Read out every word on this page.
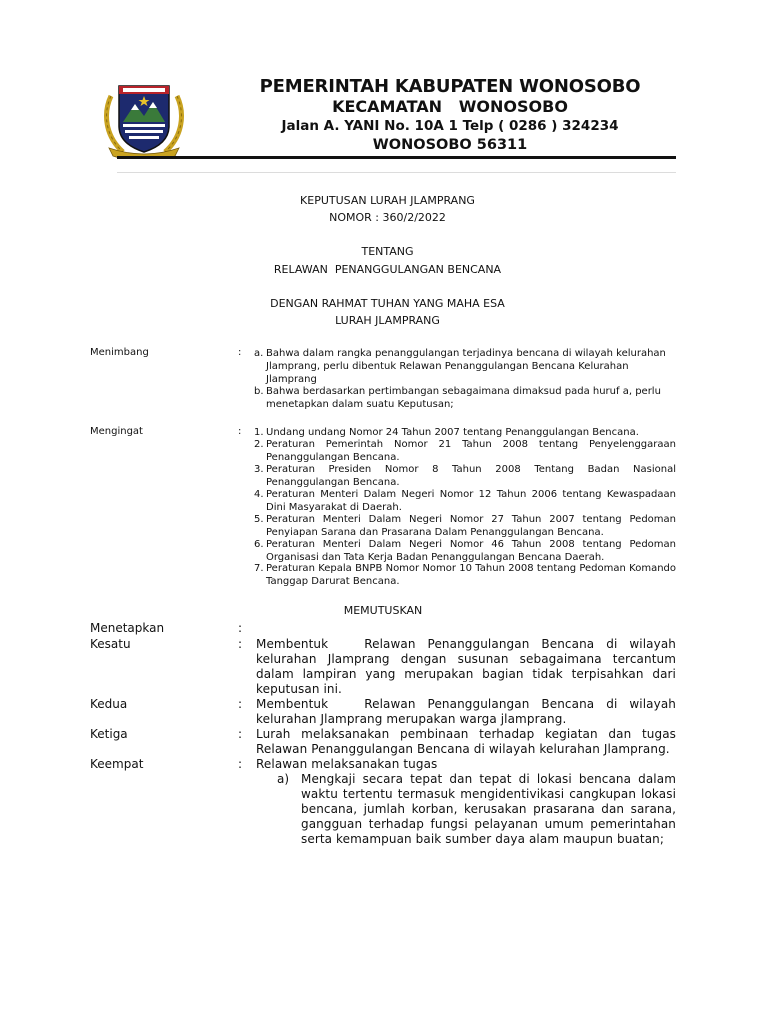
PEMERINTAH KABUPATEN WONOSOBO
KECAMATAN   WONOSOBO
Jalan A. YANI No. 10A 1 Telp ( 0286 ) 324234
WONOSOBO 56311
KEPUTUSAN LURAH JLAMPRANG
NOMOR : 360/2/2022
TENTANG
RELAWAN  PENANGGULANGAN BENCANA
DENGAN RAHMAT TUHAN YANG MAHA ESA
LURAH JLAMPRANG
Menimbang	: a. Bahwa dalam rangka penanggulangan terjadinya bencana di wilayah kelurahan Jlamprang, perlu dibentuk Relawan Penanggulangan Bencana Kelurahan Jlamprang
b. Bahwa berdasarkan pertimbangan sebagaimana dimaksud pada huruf a, perlu menetapkan dalam suatu Keputusan;
Mengingat	: 1. Undang undang Nomor 24 Tahun 2007 tentang Penanggulangan Bencana.
2. Peraturan Pemerintah Nomor 21 Tahun 2008 tentang Penyelenggaraan Penanggulangan Bencana.
3. Peraturan Presiden Nomor 8 Tahun 2008 Tentang Badan Nasional Penanggulangan Bencana.
4. Peraturan Menteri Dalam Negeri Nomor 12 Tahun 2006 tentang Kewaspadaan Dini Masyarakat di Daerah.
5. Peraturan Menteri Dalam Negeri Nomor 27 Tahun 2007 tentang Pedoman Penyiapan Sarana dan Prasarana Dalam Penanggulangan Bencana.
6. Peraturan Menteri Dalam Negeri Nomor 46 Tahun 2008 tentang Pedoman Organisasi dan Tata Kerja Badan Penanggulangan Bencana Daerah.
7. Peraturan Kepala BNPB Nomor Nomor 10 Tahun 2008 tentang Pedoman Komando Tanggap Darurat Bencana.
MEMUTUSKAN
Menetapkan	:
Kesatu	: Membentuk   Relawan Penanggulangan Bencana di wilayah
kelurahan Jlamprang dengan susunan sebagaimana tercantum
dalam lampiran yang merupakan bagian tidak terpisahkan dari
keputusan ini.
Kedua	: Membentuk   Relawan Penanggulangan Bencana di wilayah
kelurahan Jlamprang merupakan warga jlamprang.
Ketiga	: Lurah melaksanakan pembinaan terhadap kegiatan dan tugas
Relawan Penanggulangan Bencana di wilayah kelurahan Jlamprang.
Keempat	: Relawan melaksanakan tugas
a) Mengkaji secara tepat dan tepat di lokasi bencana dalam
waktu tertentu termasuk mengidentivikasi cangkupan lokasi
bencana, jumlah korban, kerusakan prasarana dan sarana,
gangguan terhadap fungsi pelayanan umum pemerintahan
serta kemampuan baik sumber daya alam maupun buatan;
